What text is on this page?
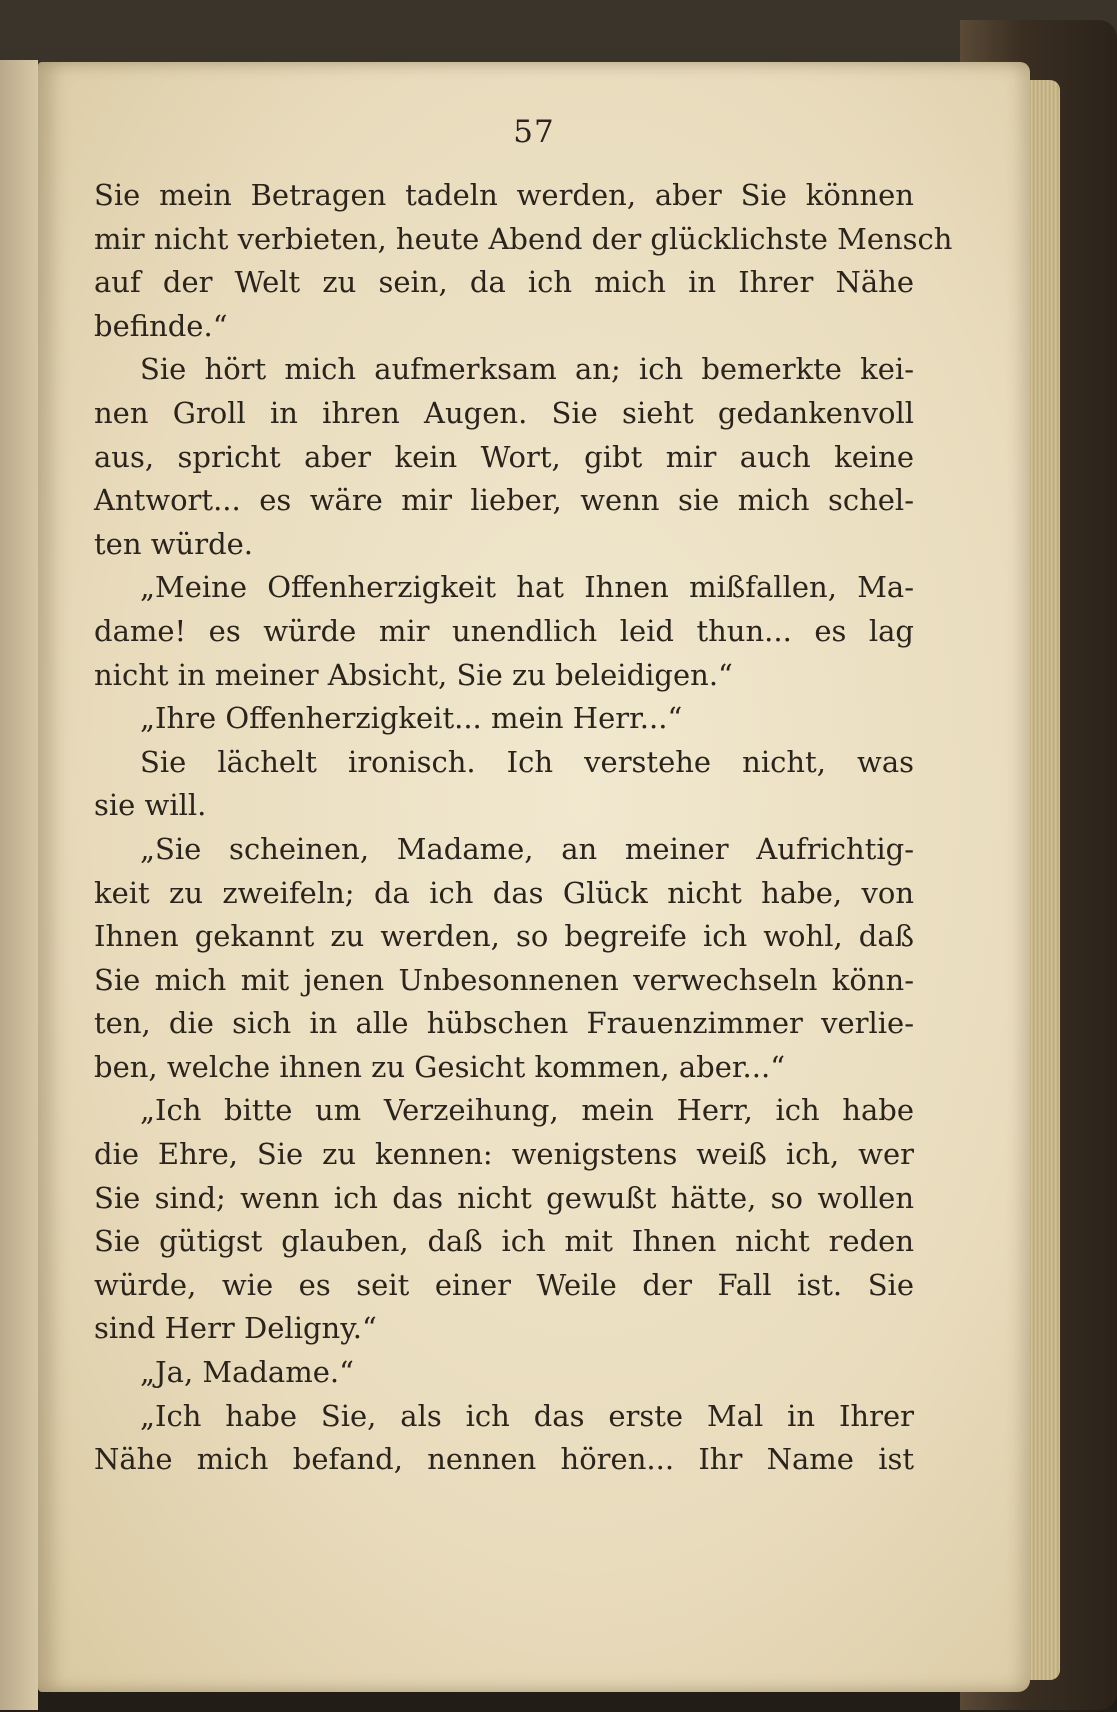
57
Sie mein Betragen tadeln werden, aber Sie können
mir nicht verbieten, heute Abend der glücklichste Mensch
auf der Welt zu sein, da ich mich in Ihrer Nähe
befinde.“
Sie hört mich aufmerksam an; ich bemerkte kei-
nen Groll in ihren Augen. Sie sieht gedankenvoll
aus, spricht aber kein Wort, gibt mir auch keine
Antwort... es wäre mir lieber, wenn sie mich schel-
ten würde.
„Meine Offenherzigkeit hat Ihnen mißfallen, Ma-
dame! es würde mir unendlich leid thun... es lag
nicht in meiner Absicht, Sie zu beleidigen.“
„Ihre Offenherzigkeit... mein Herr...“
Sie lächelt ironisch. Ich verstehe nicht, was
sie will.
„Sie scheinen, Madame, an meiner Aufrichtig-
keit zu zweifeln; da ich das Glück nicht habe, von
Ihnen gekannt zu werden, so begreife ich wohl, daß
Sie mich mit jenen Unbesonnenen verwechseln könn-
ten, die sich in alle hübschen Frauenzimmer verlie-
ben, welche ihnen zu Gesicht kommen, aber...“
„Ich bitte um Verzeihung, mein Herr, ich habe
die Ehre, Sie zu kennen: wenigstens weiß ich, wer
Sie sind; wenn ich das nicht gewußt hätte, so wollen
Sie gütigst glauben, daß ich mit Ihnen nicht reden
würde, wie es seit einer Weile der Fall ist. Sie
sind Herr Deligny.“
„Ja, Madame.“
„Ich habe Sie, als ich das erste Mal in Ihrer
Nähe mich befand, nennen hören... Ihr Name ist
